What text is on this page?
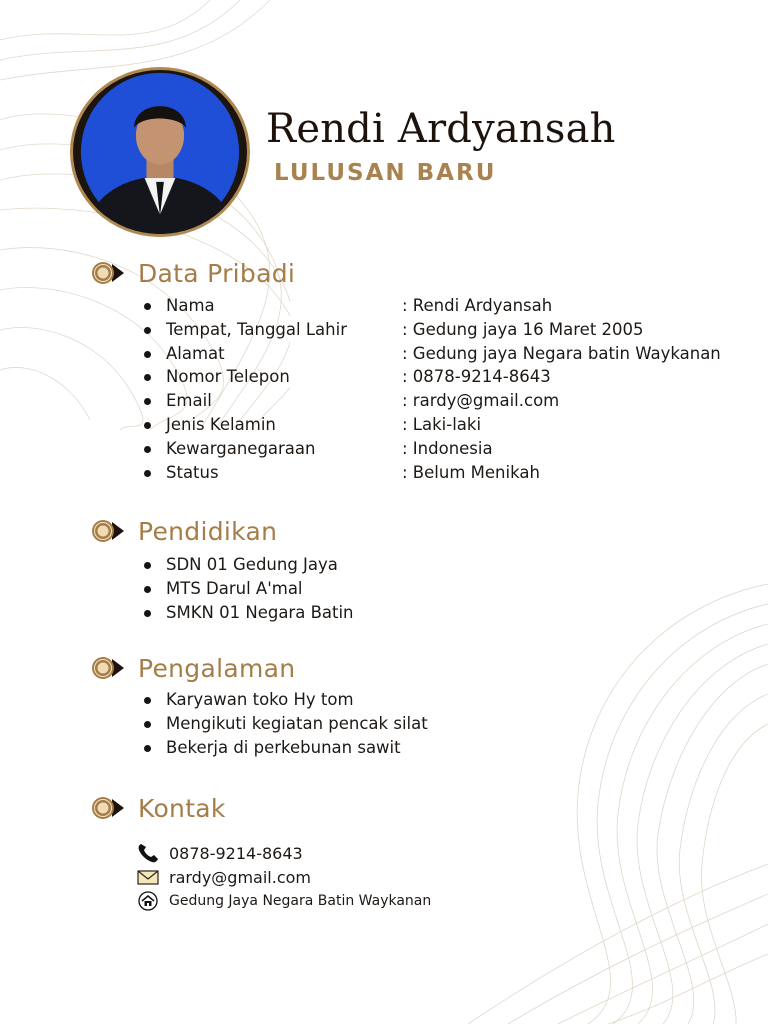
Rendi Ardyansah
LULUSAN BARU
Data Pribadi
Nama	: Rendi Ardyansah
Tempat, Tanggal Lahir	: Gedung jaya 16 Maret 2005
Alamat	: Gedung jaya Negara batin Waykanan
Nomor Telepon	: 0878-9214-8643
Email	: rardy@gmail.com
Jenis Kelamin	: Laki-laki
Kewarganegaraan	: Indonesia
Status	: Belum Menikah
Pendidikan
SDN 01 Gedung Jaya
MTS Darul A'mal
SMKN 01 Negara Batin
Pengalaman
Karyawan toko Hy tom
Mengikuti kegiatan pencak silat
Bekerja di perkebunan sawit
Kontak
0878-9214-8643
rardy@gmail.com
Gedung Jaya Negara Batin Waykanan
